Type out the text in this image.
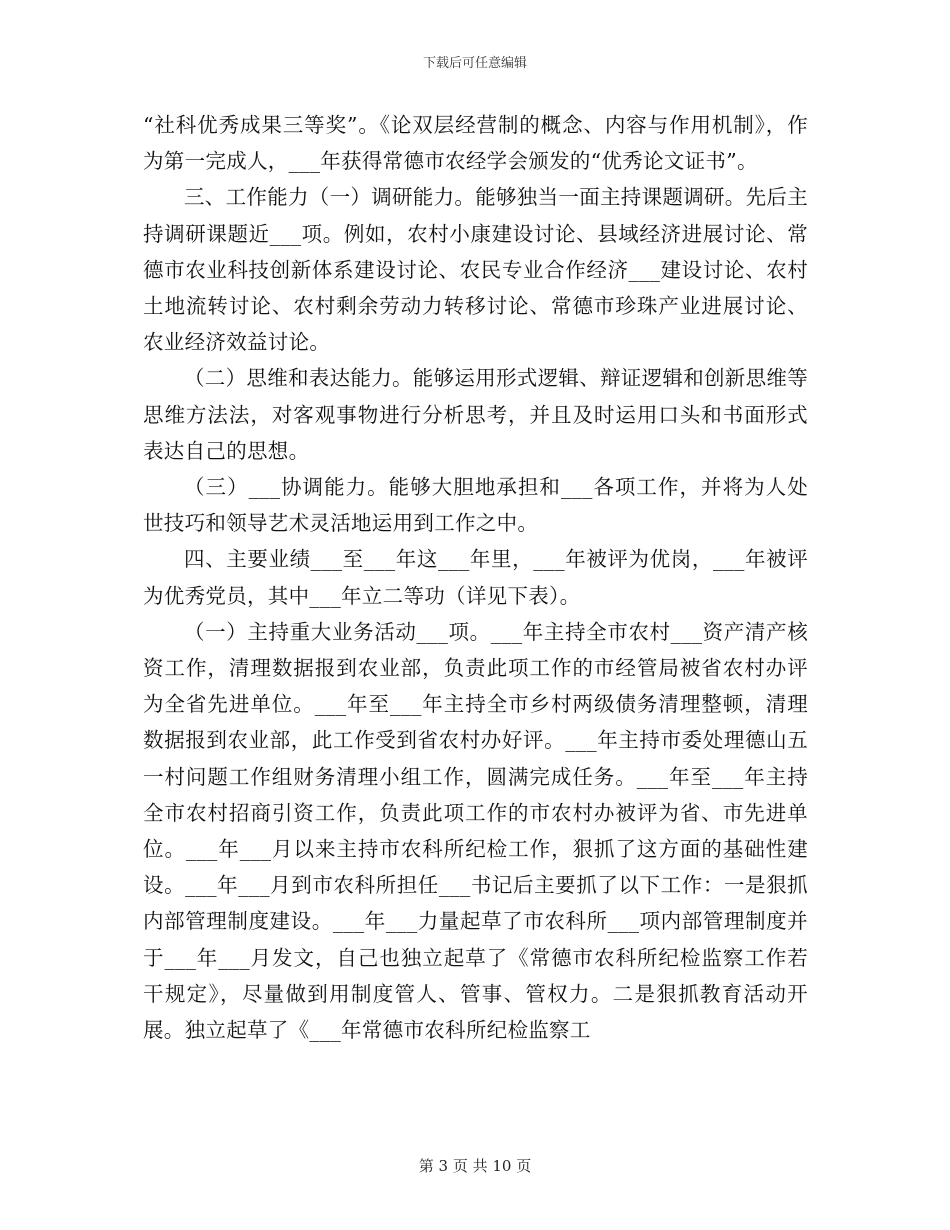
下载后可任意编辑

“社科优秀成果三等奖”。《论双层经营制的概念、内容与作用机制》，作为第一完成人，___年获得常德市农经学会颁发的“优秀论文证书”。

三、工作能力（一）调研能力。能够独当一面主持课题调研。先后主持调研课题近___项。例如，农村小康建设讨论、县域经济进展讨论、常德市农业科技创新体系建设讨论、农民专业合作经济___建设讨论、农村土地流转讨论、农村剩余劳动力转移讨论、常德市珍珠产业进展讨论、农业经济效益讨论。

（二）思维和表达能力。能够运用形式逻辑、辩证逻辑和创新思维等思维方法法，对客观事物进行分析思考，并且及时运用口头和书面形式表达自己的思想。

（三）___协调能力。能够大胆地承担和___各项工作，并将为人处世技巧和领导艺术灵活地运用到工作之中。

四、主要业绩___至___年这___年里，___年被评为优岗，___年被评为优秀党员，其中___年立二等功（详见下表）。

（一）主持重大业务活动___项。___年主持全市农村___资产清产核资工作，清理数据报到农业部，负责此项工作的市经管局被省农村办评为全省先进单位。___年至___年主持全市乡村两级债务清理整顿，清理数据报到农业部，此工作受到省农村办好评。___年主持市委处理德山五一村问题工作组财务清理小组工作，圆满完成任务。___年至___年主持全市农村招商引资工作，负责此项工作的市农村办被评为省、市先进单位。___年___月以来主持市农科所纪检工作，狠抓了这方面的基础性建设。___年___月到市农科所担任___书记后主要抓了以下工作：一是狠抓内部管理制度建设。___年___力量起草了市农科所___项内部管理制度并于___年___月发文，自己也独立起草了《常德市农科所纪检监察工作若干规定》，尽量做到用制度管人、管事、管权力。二是狠抓教育活动开展。独立起草了《___年常德市农科所纪检监察工

第 3 页 共 10 页
